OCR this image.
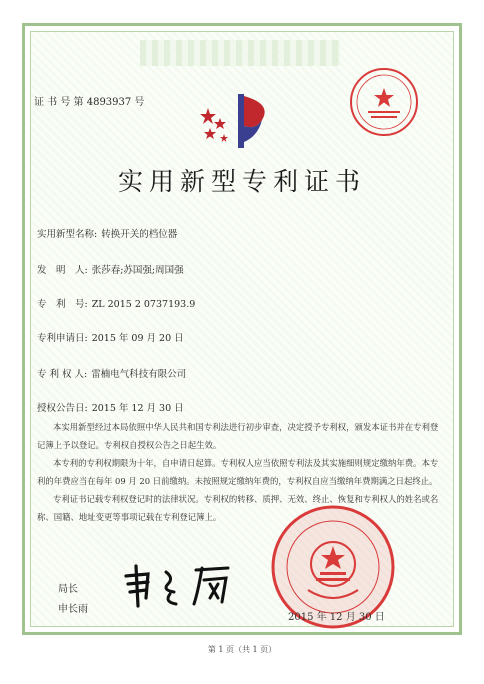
证 书 号 第 4893937 号
实用新型专利证书
实用新型名称: 转换开关的档位器
发　明　人: 张莎春;苏国强;周国强
专　利　号: ZL 2015 2 0737193.9
专利申请日: 2015 年 09 月 20 日
专 利 权 人: 雷楠电气科技有限公司
授权公告日: 2015 年 12 月 30 日

本实用新型经过本局依照中华人民共和国专利法进行初步审查，决定授予专利权，颁发本证书并在专利登记簿上予以登记。专利权自授权公告之日起生效。

本专利的专利权期限为十年，自申请日起算。专利权人应当依照专利法及其实施细则规定缴纳年费。本专利的年费应当在每年 09 月 20 日前缴纳。未按照规定缴纳年费的，专利权自应当缴纳年费期满之日起终止。

专利证书记载专利权登记时的法律状况。专利权的转移、质押、无效、终止、恢复和专利权人的姓名或名称、国籍、地址变更等事项记载在专利登记簿上。

局长
申长雨
2015 年 12 月 30 日
第 1 页（共 1 页）
